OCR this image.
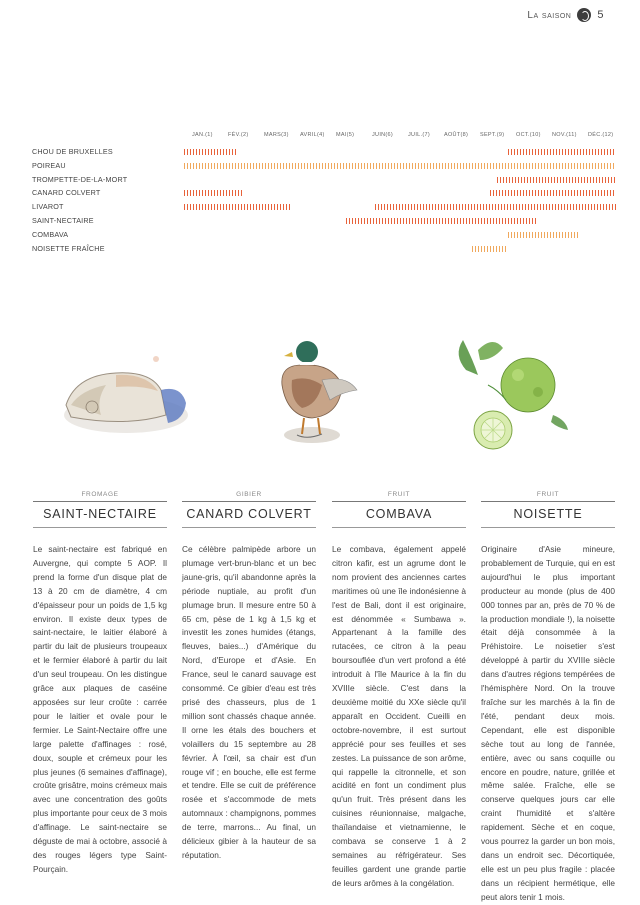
La saison 5
JAN.(1)	FÉV.(2)	MARS(3) AVRIL(4) MAI(5)	JUIN(6)	JUIL.(7)	AOÛT(8) SEPT.(9) OCT.(10) NOV.(11) DÉC.(12)
CHOU DE BRUXELLES
POIREAU
TROMPETTE-DE-LA-MORT
CANARD COLVERT
LIVAROT
SAINT-NECTAIRE
COMBAVA
NOISETTE FRAÎCHE
FROMAGE
SAINT-NECTAIRE
Le saint-nectaire est fabriqué en Auvergne, qui compte 5 AOP. Il prend la forme d'un disque plat de 13 à 20 cm de diamètre, 4 cm d'épaisseur pour un poids de 1,5 kg environ. Il existe deux types de saint-nectaire, le laitier élaboré à partir du lait de plusieurs troupeaux et le fermier élaboré à partir du lait d'un seul troupeau. On les distingue grâce aux plaques de caséine apposées sur leur croûte : carrée pour le laitier et ovale pour le fermier. Le Saint-Nectaire offre une large palette d'affinages : rosé, doux, souple et crémeux pour les plus jeunes (6 semaines d'affinage), croûte grisâtre, moins crémeux mais avec une concentration des goûts plus importante pour ceux de 3 mois d'affinage. Le saint-nectaire se déguste de mai à octobre, associé à des rouges légers type Saint-Pourçain.
GIBIER
CANARD COLVERT
Ce célèbre palmipède arbore un plumage vert-brun-blanc et un bec jaune-gris, qu'il abandonne après la période nuptiale, au profit d'un plumage brun. Il mesure entre 50 à 65 cm, pèse de 1 kg à 1,5 kg et investit les zones humides (étangs, fleuves, baies...) d'Amérique du Nord, d'Europe et d'Asie. En France, seul le canard sauvage est consommé. Ce gibier d'eau est très prisé des chasseurs, plus de 1 million sont chassés chaque année. Il orne les étals des bouchers et volaillers du 15 septembre au 28 février. À l'œil, sa chair est d'un rouge vif ; en bouche, elle est ferme et tendre. Elle se cuit de préférence rosée et s'accommode de mets automnaux : champignons, pommes de terre, marrons... Au final, un délicieux gibier à la hauteur de sa réputation.
FRUIT
COMBAVA
Le combava, également appelé citron kafir, est un agrume dont le nom provient des anciennes cartes maritimes où une île indonésienne à l'est de Bali, dont il est originaire, est dénommée « Sumbawa ». Appartenant à la famille des rutacées, ce citron à la peau boursouflée d'un vert profond a été introduit à l'île Maurice à la fin du XVIIIe siècle. C'est dans la deuxième moitié du XXe siècle qu'il apparaît en Occident. Cueilli en octobre-novembre, il est surtout apprécié pour ses feuilles et ses zestes. La puissance de son arôme, qui rappelle la citronnelle, et son acidité en font un condiment plus qu'un fruit. Très présent dans les cuisines réunionnaise, malgache, thaïlandaise et vietnamienne, le combava se conserve 1 à 2 semaines au réfrigérateur. Ses feuilles gardent une grande partie de leurs arômes à la congélation.
FRUIT
NOISETTE
Originaire d'Asie mineure, probablement de Turquie, qui en est aujourd'hui le plus important producteur au monde (plus de 400 000 tonnes par an, près de 70 % de la production mondiale !), la noisette était déjà consommée à la Préhistoire. Le noisetier s'est développé à partir du XVIIIe siècle dans d'autres régions tempérées de l'hémisphère Nord. On la trouve fraîche sur les marchés à la fin de l'été, pendant deux mois. Cependant, elle est disponible sèche tout au long de l'année, entière, avec ou sans coquille ou encore en poudre, nature, grillée et même salée. Fraîche, elle se conserve quelques jours car elle craint l'humidité et s'altère rapidement. Sèche et en coque, vous pourrez la garder un bon mois, dans un endroit sec. Décortiquée, elle est un peu plus fragile : placée dans un récipient hermétique, elle peut alors tenir 1 mois.
